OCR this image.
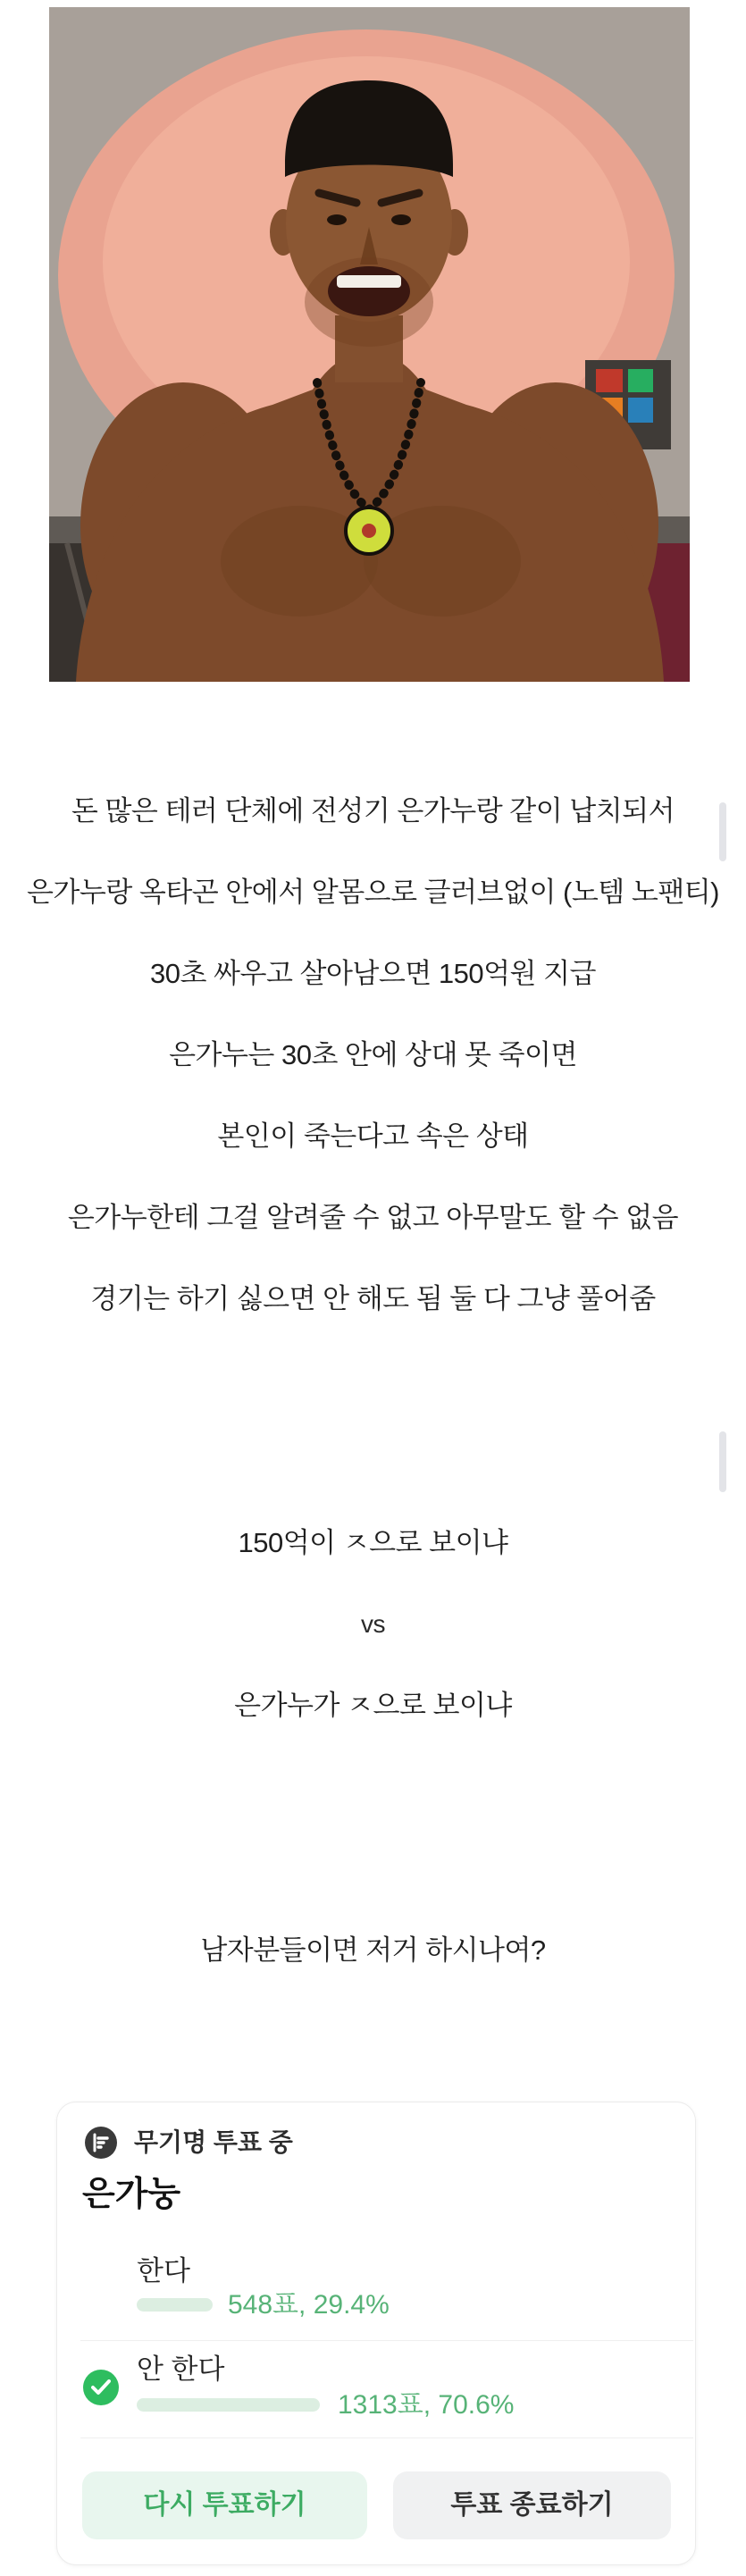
돈 많은 테러 단체에 전성기 은가누랑 같이 납치되서
은가누랑 옥타곤 안에서 알몸으로 글러브없이 (노템 노팬티)
30초 싸우고 살아남으면 150억원 지급
은가누는 30초 안에 상대 못 죽이면
본인이 죽는다고 속은 상태
은가누한테 그걸 알려줄 수 없고 아무말도 할 수 없음
경기는 하기 싫으면 안 해도 됨 둘 다 그냥 풀어줌
150억이 ㅈ으로 보이냐
vs
은가누가 ㅈ으로 보이냐
남자분들이면 저거 하시나여?
무기명 투표 중
은가눙
한다
548표, 29.4%
안 한다
1313표, 70.6%
다시 투표하기	투표 종료하기
